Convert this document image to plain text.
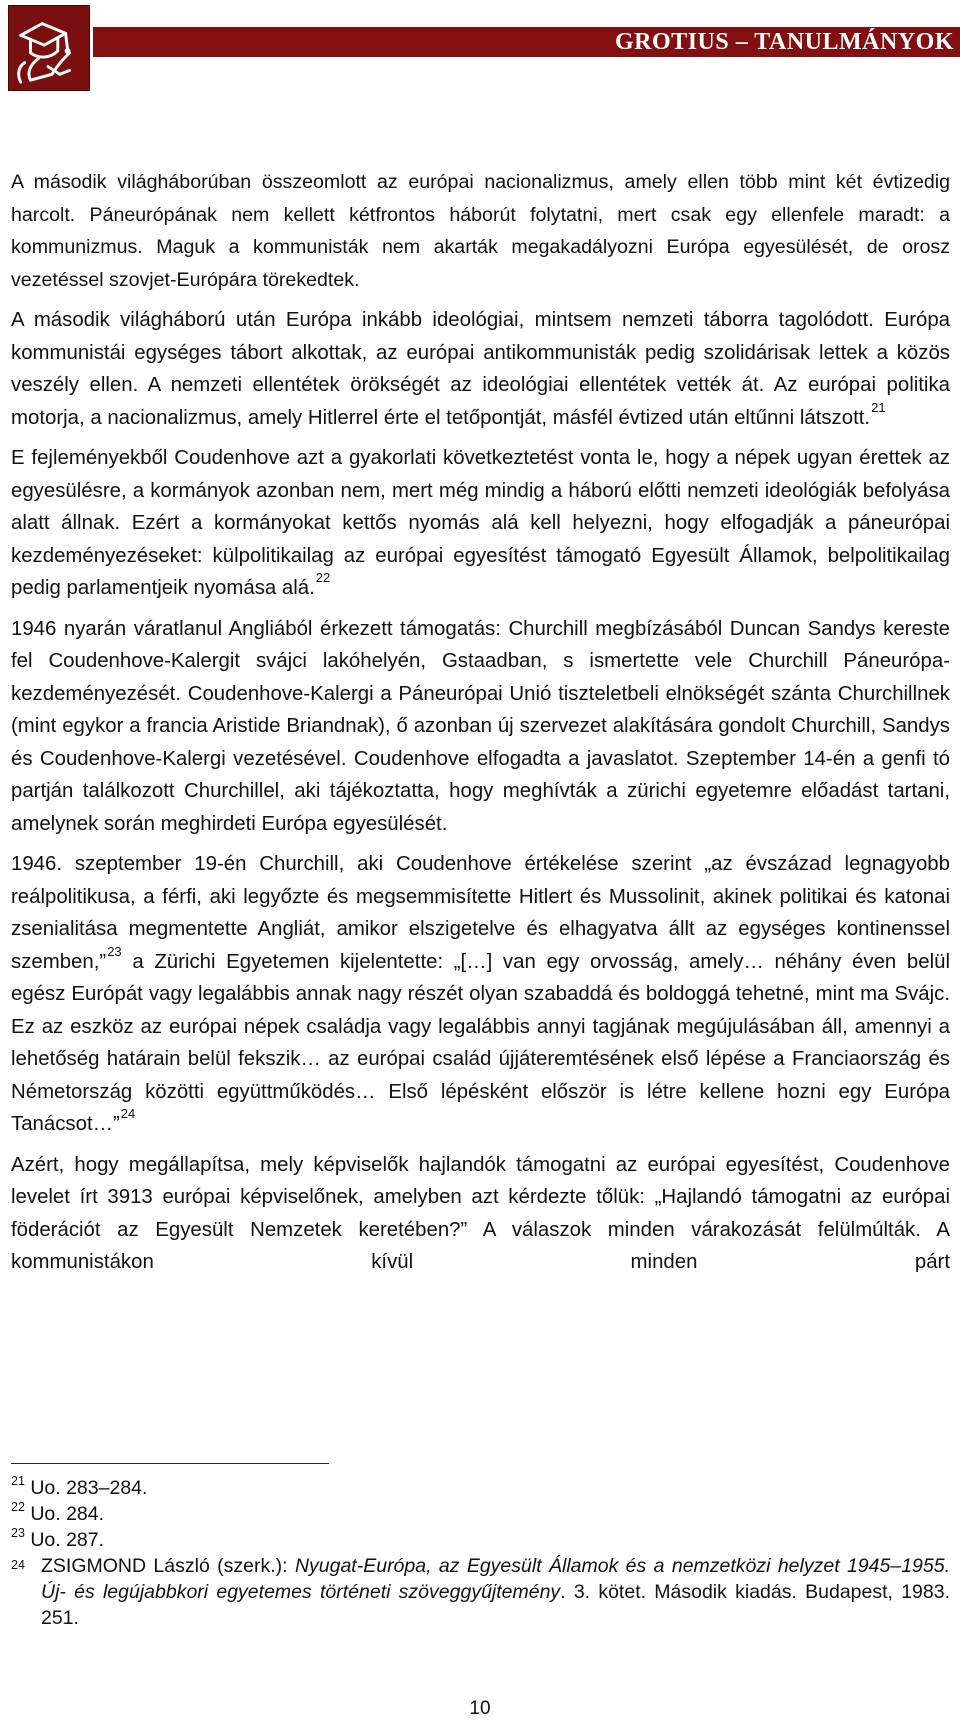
GROTIUS – TANULMÁNYOK

A második világháborúban összeomlott az európai nacionalizmus, amely ellen több mint két évtizedig harcolt. Páneurópának nem kellett kétfrontos háborút folytatni, mert csak egy ellenfele maradt: a kommunizmus. Maguk a kommunisták nem akarták megakadályozni Európa egyesülését, de orosz vezetéssel szovjet-Európára törekedtek.

A második világháború után Európa inkább ideológiai, mintsem nemzeti táborra tagolódott. Európa kommunistái egységes tábort alkottak, az európai antikommunisták pedig szolidárisak lettek a közös veszély ellen. A nemzeti ellentétek örökségét az ideológiai ellentétek vették át. Az európai politika motorja, a nacionalizmus, amely Hitlerrel érte el tetőpontját, másfél évtized után eltűnni látszott.$^{21}$

E fejleményekből Coudenhove azt a gyakorlati következtetést vonta le, hogy a népek ugyan érettek az egyesülésre, a kormányok azonban nem, mert még mindig a háború előtti nemzeti ideológiák befolyása alatt állnak. Ezért a kormányokat kettős nyomás alá kell helyezni, hogy elfogadják a páneurópai kezdeményezéseket: külpolitikailag az európai egyesítést támogató Egyesült Államok, belpolitikailag pedig parlamentjeik nyomása alá.$^{22}$

1946 nyarán váratlanul Angliából érkezett támogatás: Churchill megbízásából Duncan Sandys kereste fel Coudenhove-Kalergit svájci lakóhelyén, Gstaadban, s ismertette vele Churchill Páneurópa-kezdeményezését. Coudenhove-Kalergi a Páneurópai Unió tiszteletbeli elnökségét szánta Churchillnek (mint egykor a francia Aristide Briandnak), ő azonban új szervezet alakítására gondolt Churchill, Sandys és Coudenhove-Kalergi vezetésével. Coudenhove elfogadta a javaslatot. Szeptember 14-én a genfi tó partján találkozott Churchillel, aki tájékoztatta, hogy meghívták a zürichi egyetemre előadást tartani, amelynek során meghirdeti Európa egyesülését.

1946. szeptember 19-én Churchill, aki Coudenhove értékelése szerint „az évszázad legnagyobb reálpolitikusa, a férfi, aki legyőzte és megsemmisítette Hitlert és Mussolinit, akinek politikai és katonai zsenialitása megmentette Angliát, amikor elszigetelve és elhagyatva állt az egységes kontinenssel szemben,”$^{23}$ a Zürichi Egyetemen kijelentette: „[…] van egy orvosság, amely… néhány éven belül egész Európát vagy legalábbis annak nagy részét olyan szabaddá és boldoggá tehetné, mint ma Svájc. Ez az eszköz az európai népek családja vagy legalábbis annyi tagjának megújulásában áll, amennyi a lehetőség határain belül fekszik… az európai család újjáteremtésének első lépése a Franciaország és Németország közötti együttműködés… Első lépésként először is létre kellene hozni egy Európa Tanácsot…”$^{24}$

Azért, hogy megállapítsa, mely képviselők hajlandók támogatni az európai egyesítést, Coudenhove levelet írt 3913 európai képviselőnek, amelyben azt kérdezte tőlük: „Hajlandó támogatni az európai föderációt az Egyesült Nemzetek keretében?” A válaszok minden várakozását felülmúlták. A kommunistákon kívül minden párt

$^{21}$ Uo. 283–284.
$^{22}$ Uo. 284.
$^{23}$ Uo. 287.
24 ZSIGMOND László (szerk.): Nyugat-Európa, az Egyesült Államok és a nemzetközi helyzet 1945–1955. Új- és legújabbkori egyetemes történeti szöveggyűjtemény. 3. kötet. Második kiadás. Budapest, 1983. 251.
10
